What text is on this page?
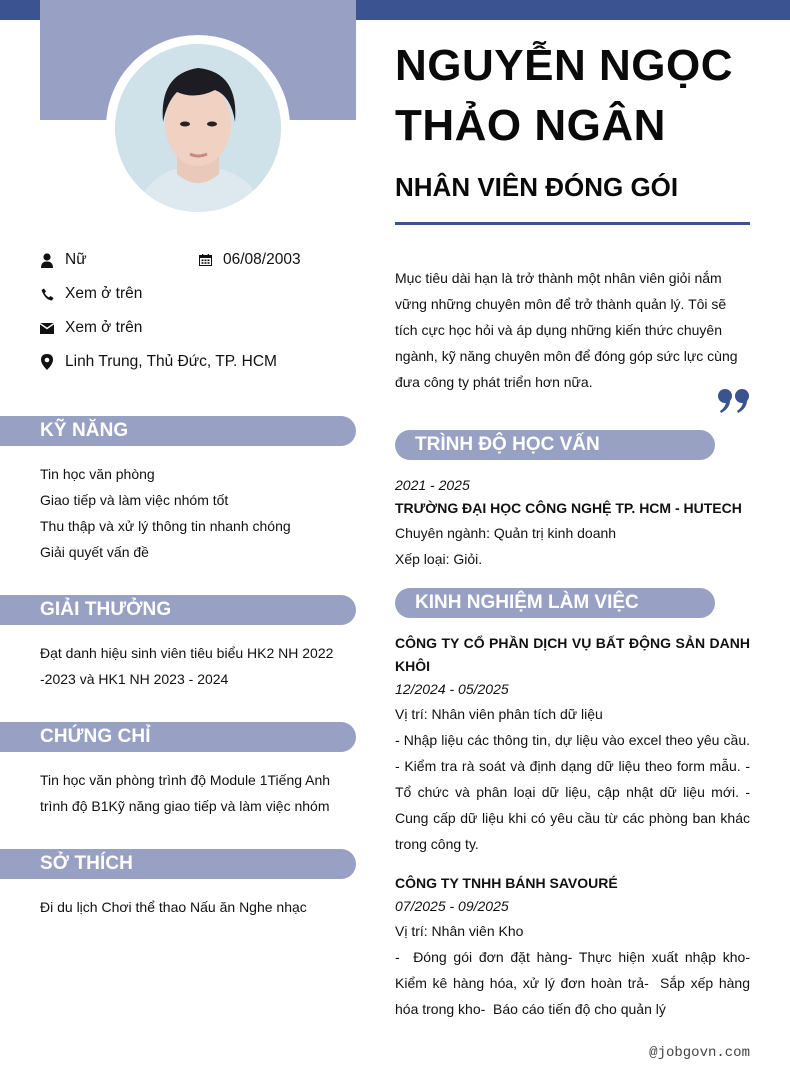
Nữ	06/08/2003
Xem ở trên
Xem ở trên
Linh Trung, Thủ Đức, TP. HCM
KỸ NĂNG
Tin học văn phòng
Giao tiếp và làm việc nhóm tốt
Thu thập và xử lý thông tin nhanh chóng
Giải quyết vấn đề
GIẢI THƯỞNG
Đạt danh hiệu sinh viên tiêu biểu HK2 NH 2022 -2023 và HK1 NH 2023 - 2024
CHỨNG CHỈ
Tin học văn phòng trình độ Module 1Tiếng Anh trình độ B1Kỹ năng giao tiếp và làm việc nhóm
SỞ THÍCH
Đi du lịch Chơi thể thao Nấu ăn Nghe nhạc
NGUYỄN NGỌC
THẢO NGÂN
NHÂN VIÊN ĐÓNG GÓI
Mục tiêu dài hạn là trở thành một nhân viên giỏi nắm vững những chuyên môn để trở thành quản lý. Tôi sẽ tích cực học hỏi và áp dụng những kiến thức chuyên ngành, kỹ năng chuyên môn để đóng góp sức lực cùng đưa công ty phát triển hơn nữa.
TRÌNH ĐỘ HỌC VẤN
2021 - 2025
TRƯỜNG ĐẠI HỌC CÔNG NGHỆ TP. HCM - HUTECH
Chuyên ngành: Quản trị kinh doanh
Xếp loại: Giỏi.
KINH NGHIỆM LÀM VIỆC
CÔNG TY CỔ PHẦN DỊCH VỤ BẤT ĐỘNG SẢN DANH KHÔI
12/2024 - 05/2025
Vị trí: Nhân viên phân tích dữ liệu
- Nhập liệu các thông tin, dự liệu vào excel theo yêu cầu. - Kiểm tra rà soát và định dạng dữ liệu theo form mẫu. - Tổ chức và phân loại dữ liệu, cập nhật dữ liệu mới. - Cung cấp dữ liệu khi có yêu cầu từ các phòng ban khác trong công ty.
CÔNG TY TNHH BÁNH SAVOURÉ
07/2025 - 09/2025
Vị trí: Nhân viên Kho
-  Đóng gói đơn đặt hàng- Thực hiện xuất nhập kho-  Kiểm kê hàng hóa, xử lý đơn hoàn trả-  Sắp xếp hàng hóa trong kho-  Báo cáo tiến độ cho quản lý
@jobgovn.com
